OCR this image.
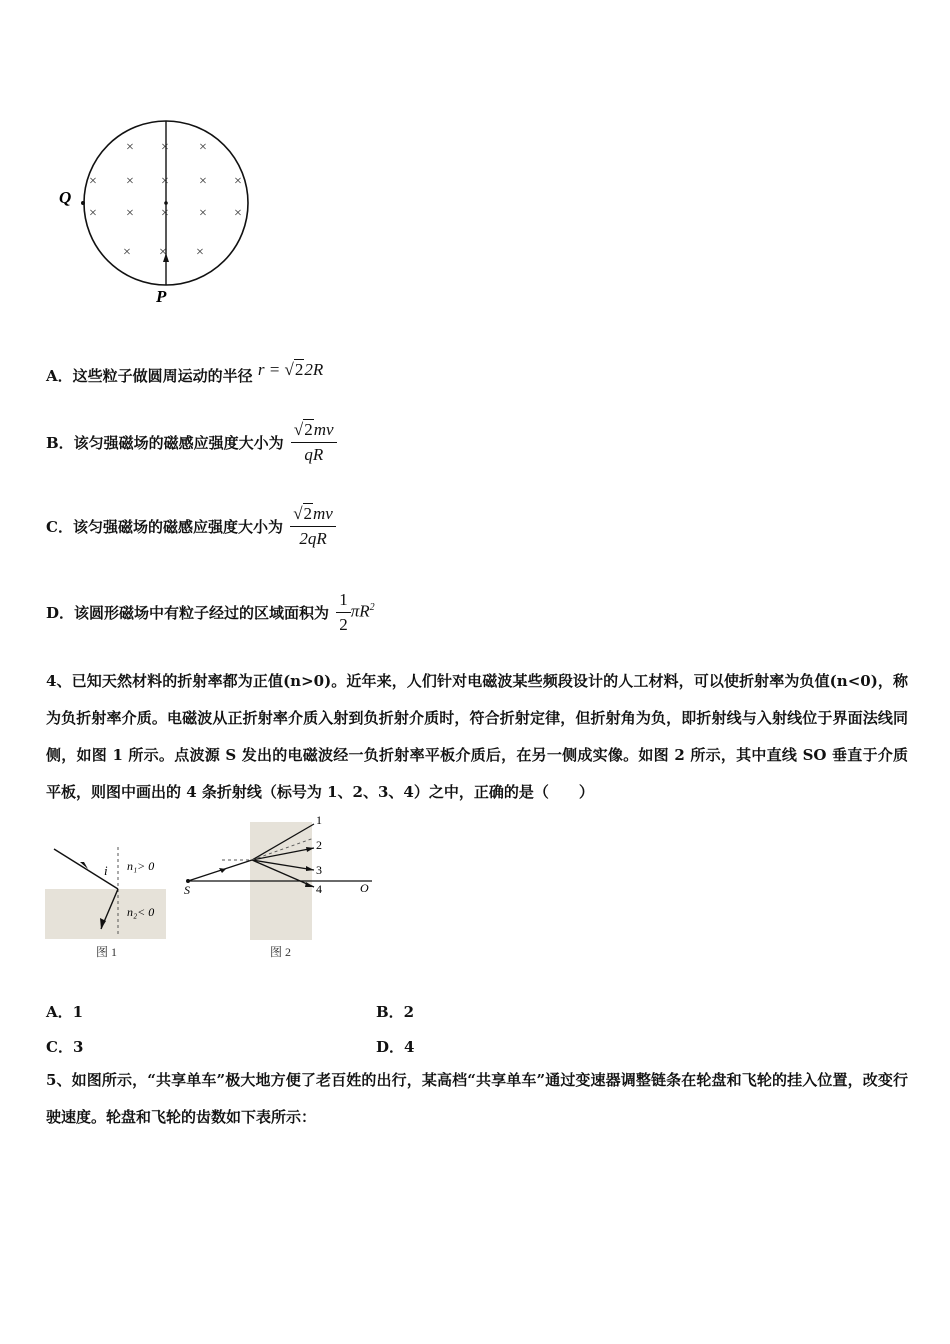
× × ×
× × × × ×
× × × × ×
× × ×
Q
P
A．这些粒子做圆周运动的半径 r = √22R
B．该匀强磁场的磁感应强度大小为 $\frac{√2mv}{qR}$
C．该匀强磁场的磁感应强度大小为 $\frac{√2mv}{2qR}$
D．该圆形磁场中有粒子经过的区域面积为 $\frac{1}{2} \pi R^2$
4、已知天然材料的折射率都为正值(n>0)。近年来，人们针对电磁波某些频段设计的人工材料，可以使折射率为负值(n<0)，称为负折射率介质。电磁波从正折射率介质入射到负折射介质时，符合折射定律，但折射角为负，即折射线与入射线位于界面法线同侧，如图 1 所示。点波源 S 发出的电磁波经一负折射率平板介质后，在另一侧成实像。如图 2 所示，其中直线 SO 垂直于介质平板，则图中画出的 4 条折射线（标号为 1、2、3、4）之中，正确的是（　　）
i n₁> 0
n₂< 0
图 1
1
2
3
4
S	O
图 2
A．1	B．2
C．3	D．4
5、如图所示，“共享单车”极大地方便了老百姓的出行，某高档“共享单车”通过变速器调整链条在轮盘和飞轮的挂入位置，改变行驶速度。轮盘和飞轮的齿数如下表所示：
